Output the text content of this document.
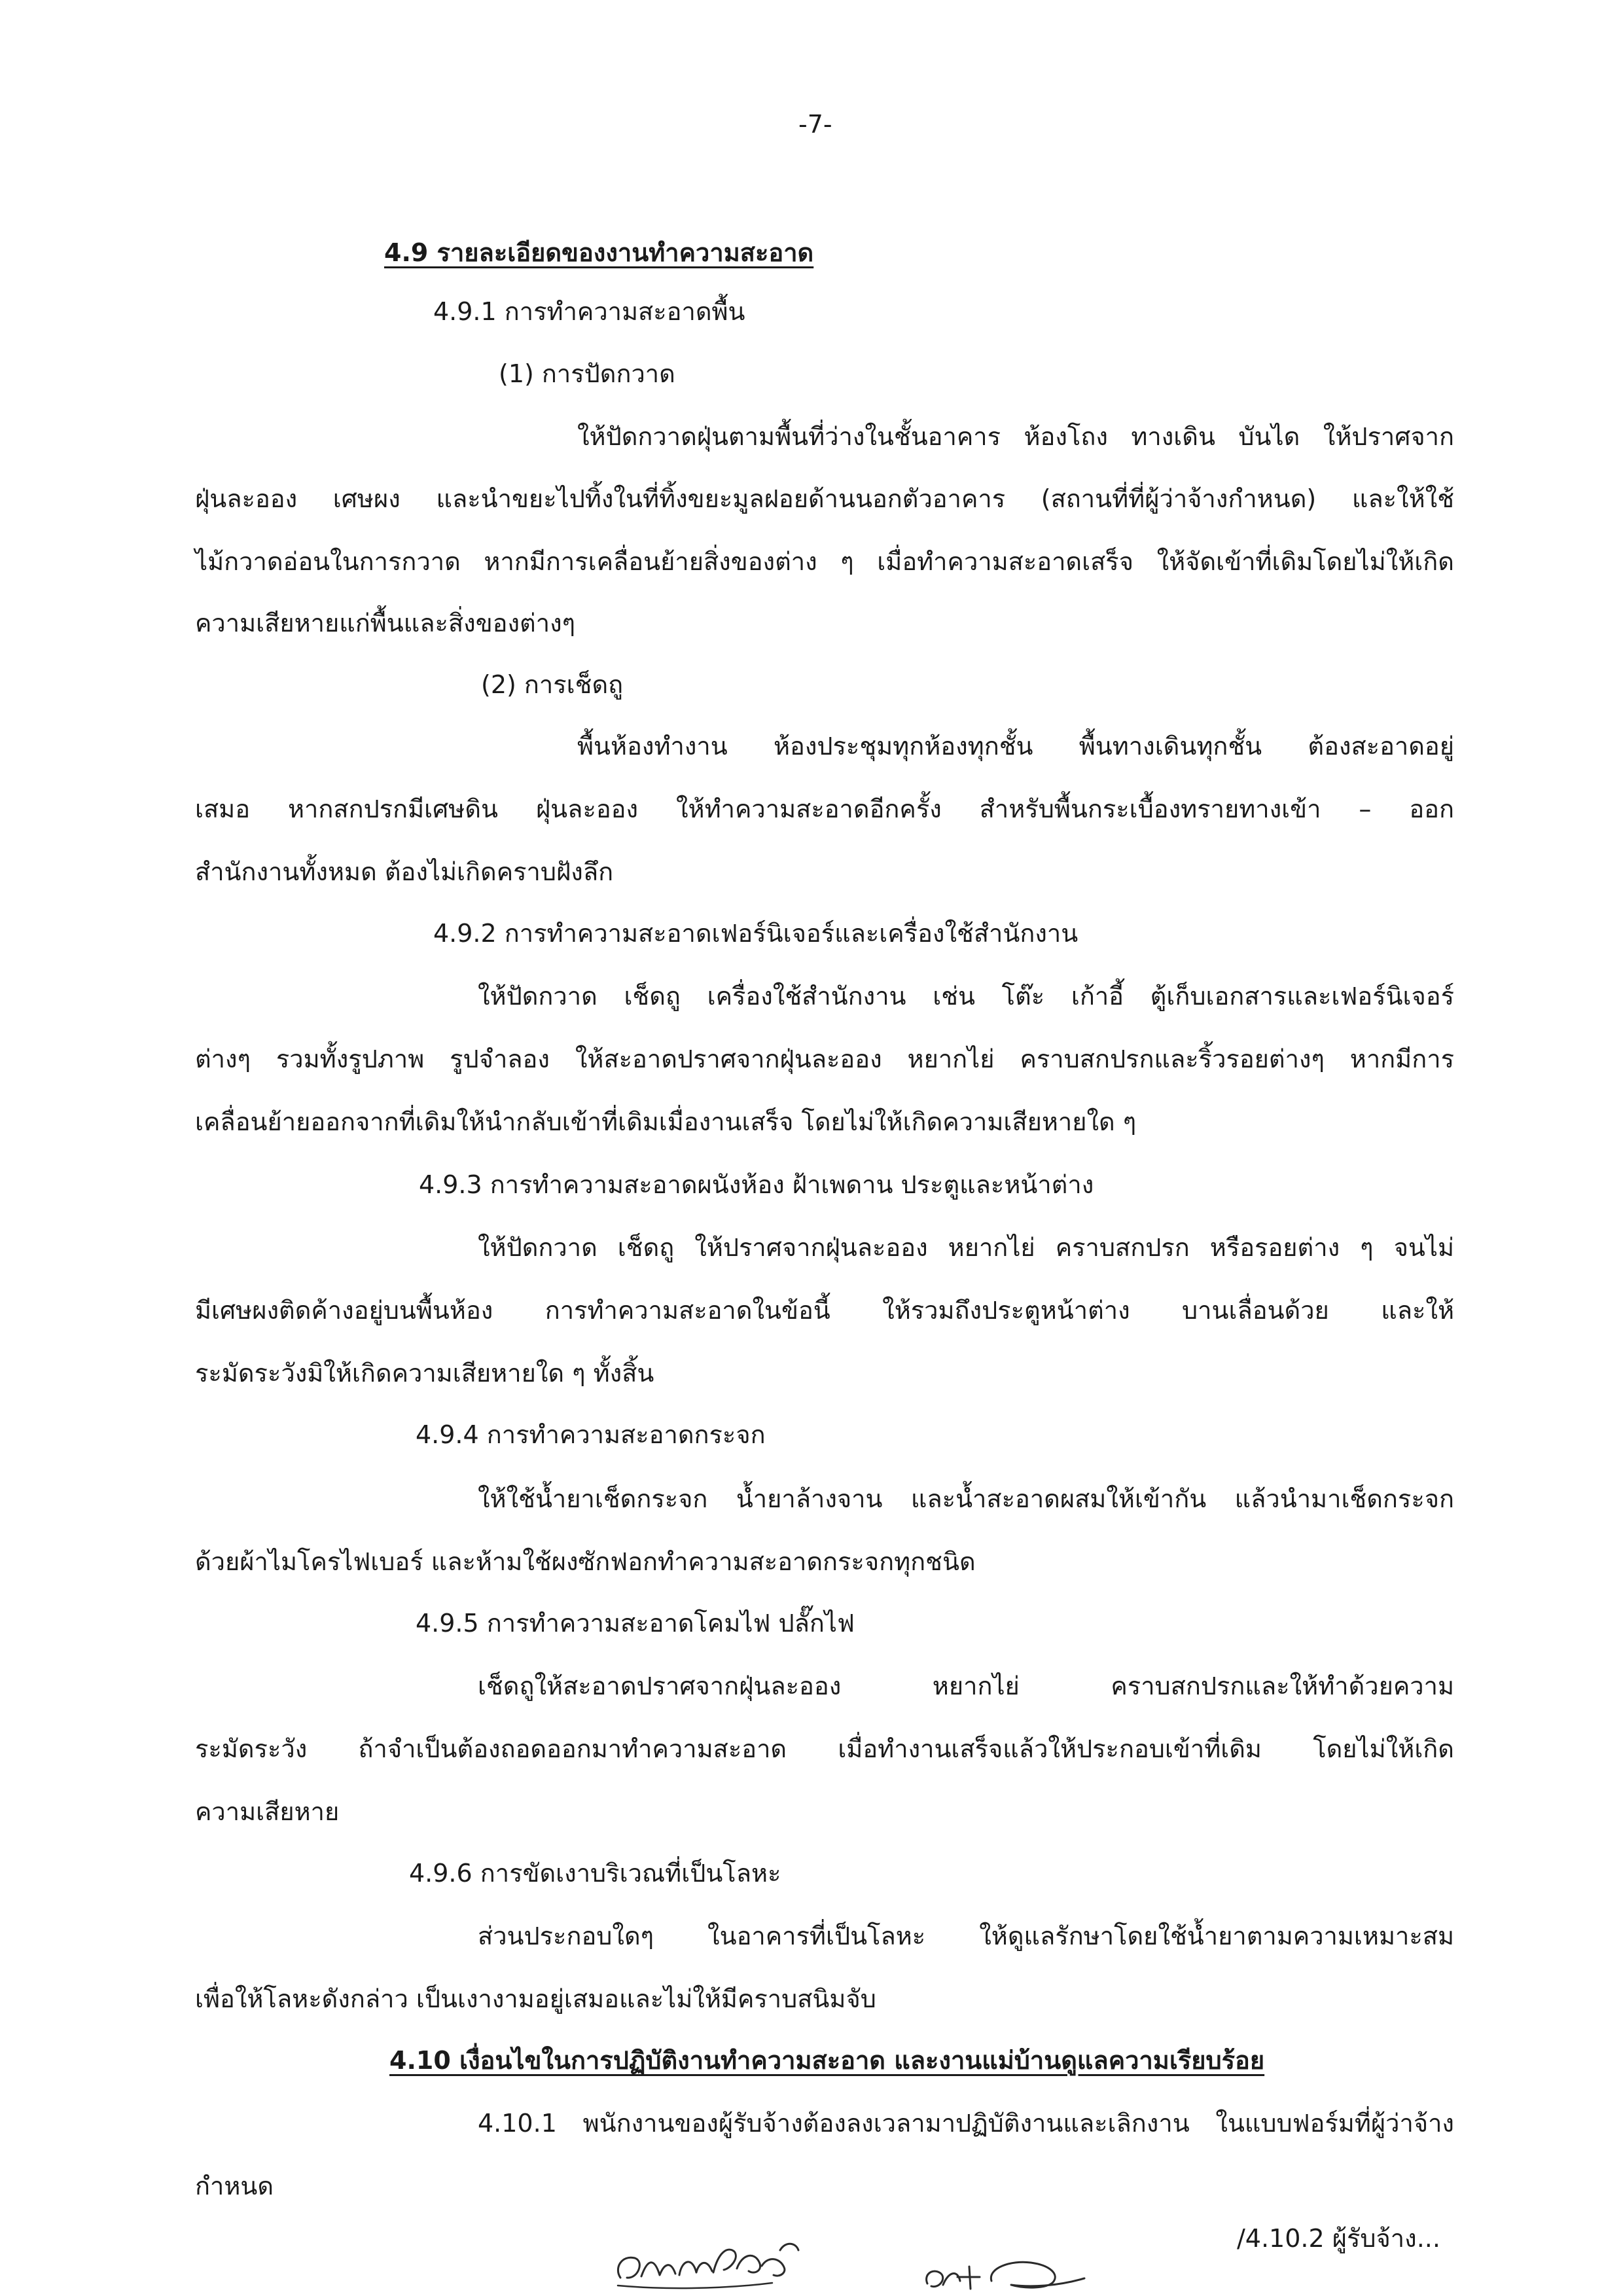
-7-
4.9 รายละเอียดของงานทำความสะอาด
4.9.1 การทำความสะอาดพื้น
(1) การปัดกวาด
ให้ปัดกวาดฝุ่นตามพื้นที่ว่างในชั้นอาคาร ห้องโถง ทางเดิน บันได ให้ปราศจาก
ฝุ่นละออง เศษผง และนำขยะไปทิ้งในที่ทิ้งขยะมูลฝอยด้านนอกตัวอาคาร (สถานที่ที่ผู้ว่าจ้างกำหนด) และให้ใช้
ไม้กวาดอ่อนในการกวาด หากมีการเคลื่อนย้ายสิ่งของต่าง ๆ เมื่อทำความสะอาดเสร็จ ให้จัดเข้าที่เดิมโดยไม่ให้เกิด
ความเสียหายแก่พื้นและสิ่งของต่างๆ
(2) การเช็ดถู
พื้นห้องทำงาน ห้องประชุมทุกห้องทุกชั้น พื้นทางเดินทุกชั้น ต้องสะอาดอยู่
เสมอ หากสกปรกมีเศษดิน ฝุ่นละออง ให้ทำความสะอาดอีกครั้ง สำหรับพื้นกระเบื้องทรายทางเข้า – ออก
สำนักงานทั้งหมด ต้องไม่เกิดคราบฝังลึก
4.9.2 การทำความสะอาดเฟอร์นิเจอร์และเครื่องใช้สำนักงาน
ให้ปัดกวาด เช็ดถู เครื่องใช้สำนักงาน เช่น โต๊ะ เก้าอี้ ตู้เก็บเอกสารและเฟอร์นิเจอร์
ต่างๆ รวมทั้งรูปภาพ รูปจำลอง ให้สะอาดปราศจากฝุ่นละออง หยากไย่ คราบสกปรกและริ้วรอยต่างๆ หากมีการ
เคลื่อนย้ายออกจากที่เดิมให้นำกลับเข้าที่เดิมเมื่องานเสร็จ โดยไม่ให้เกิดความเสียหายใด ๆ
4.9.3 การทำความสะอาดผนังห้อง ฝ้าเพดาน ประตูและหน้าต่าง
ให้ปัดกวาด เช็ดถู ให้ปราศจากฝุ่นละออง หยากไย่ คราบสกปรก หรือรอยต่าง ๆ จนไม่
มีเศษผงติดค้างอยู่บนพื้นห้อง การทำความสะอาดในข้อนี้ ให้รวมถึงประตูหน้าต่าง บานเลื่อนด้วย และให้
ระมัดระวังมิให้เกิดความเสียหายใด ๆ ทั้งสิ้น
4.9.4 การทำความสะอาดกระจก
ให้ใช้น้ำยาเช็ดกระจก น้ำยาล้างจาน และน้ำสะอาดผสมให้เข้ากัน แล้วนำมาเช็ดกระจก
ด้วยผ้าไมโครไฟเบอร์ และห้ามใช้ผงซักฟอกทำความสะอาดกระจกทุกชนิด
4.9.5 การทำความสะอาดโคมไฟ ปลั๊กไฟ
เช็ดถูให้สะอาดปราศจากฝุ่นละออง หยากไย่ คราบสกปรกและให้ทำด้วยความ
ระมัดระวัง ถ้าจำเป็นต้องถอดออกมาทำความสะอาด เมื่อทำงานเสร็จแล้วให้ประกอบเข้าที่เดิม โดยไม่ให้เกิด
ความเสียหาย
4.9.6 การขัดเงาบริเวณที่เป็นโลหะ
ส่วนประกอบใดๆ ในอาคารที่เป็นโลหะ ให้ดูแลรักษาโดยใช้น้ำยาตามความเหมาะสม
เพื่อให้โลหะดังกล่าว เป็นเงางามอยู่เสมอและไม่ให้มีคราบสนิมจับ
4.10 เงื่อนไขในการปฏิบัติงานทำความสะอาด และงานแม่บ้านดูแลความเรียบร้อย
4.10.1 พนักงานของผู้รับจ้างต้องลงเวลามาปฏิบัติงานและเลิกงาน ในแบบฟอร์มที่ผู้ว่าจ้าง
กำหนด
/4.10.2 ผู้รับจ้าง...
